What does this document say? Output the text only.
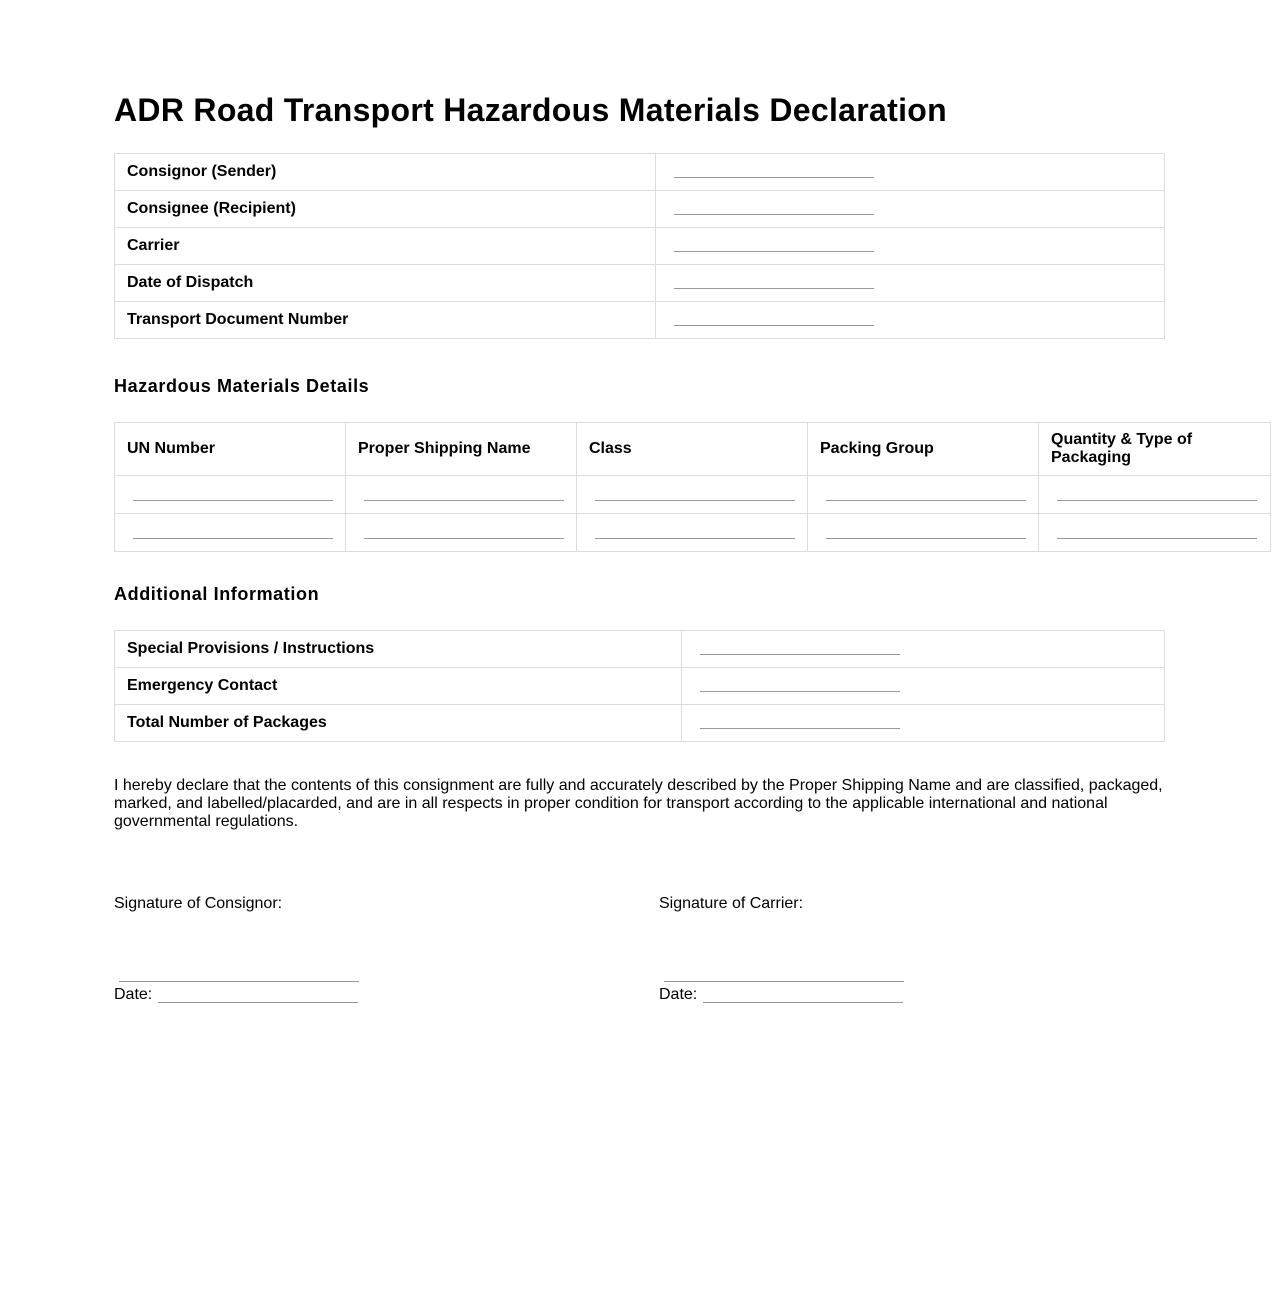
ADR Road Transport Hazardous Materials Declaration
Consignor (Sender)	
Consignee (Recipient)	
Carrier	
Date of Dispatch	
Transport Document Number	
Hazardous Materials Details
UN Number	Proper Shipping Name	Class	Packing Group	Quantity & Type of Packaging

Additional Information
Special Provisions / Instructions	
Emergency Contact	
Total Number of Packages	

I hereby declare that the contents of this consignment are fully and accurately described by the Proper Shipping Name and are classified, packaged, marked, and labelled/placarded, and are in all respects in proper condition for transport according to the applicable international and national governmental regulations.

Signature of Consignor:
Date:
Signature of Carrier:
Date:
